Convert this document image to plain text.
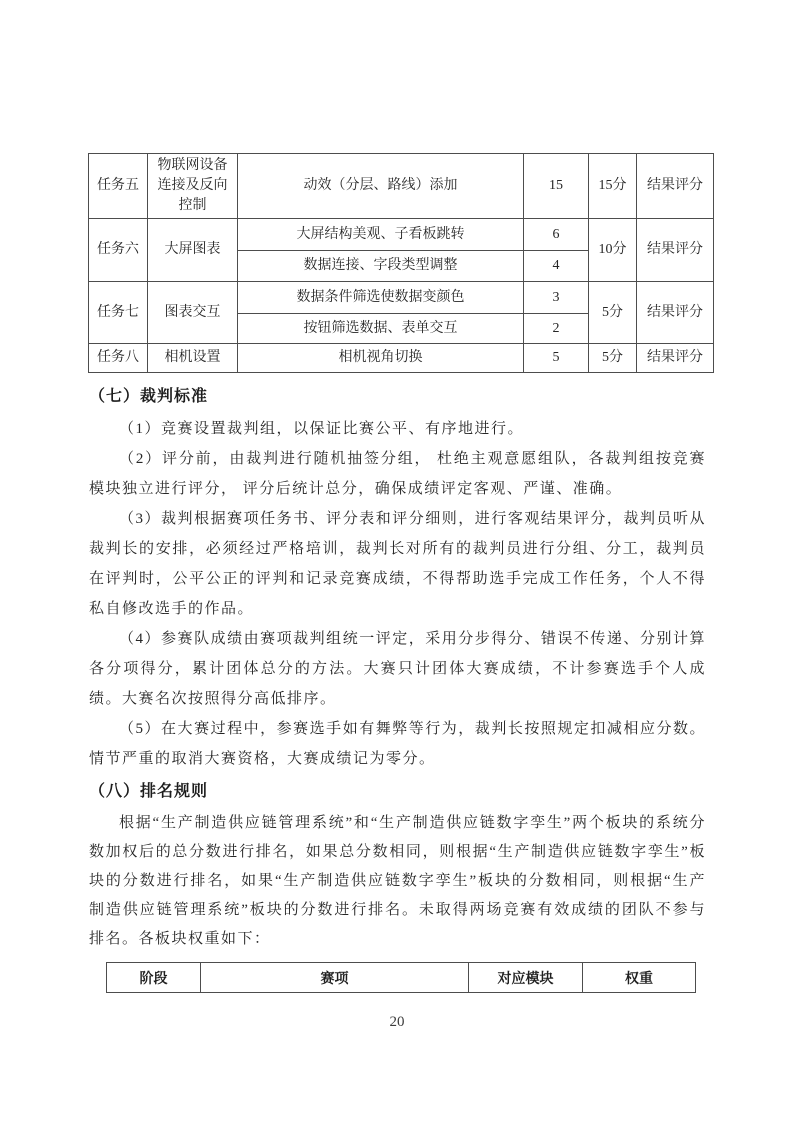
任务五	物联网设备连接及反向控制	动效（分层、路线）添加	15	15分	结果评分
任务六	大屏图表	大屏结构美观、子看板跳转	6	10分	结果评分
		数据连接、字段类型调整	4		
任务七	图表交互	数据条件筛选使数据变颜色	3	5分	结果评分
		按钮筛选数据、表单交互	2		
任务八	相机设置	相机视角切换	5	5分	结果评分
（七）裁判标准

（1）竞赛设置裁判组，以保证比赛公平、有序地进行。

（2）评分前，由裁判进行随机抽签分组， 杜绝主观意愿组队，各裁判组按竞赛模块独立进行评分， 评分后统计总分，确保成绩评定客观、严谨、准确。

（3）裁判根据赛项任务书、评分表和评分细则，进行客观结果评分，裁判员听从裁判长的安排，必须经过严格培训，裁判长对所有的裁判员进行分组、分工，裁判员在评判时，公平公正的评判和记录竞赛成绩，不得帮助选手完成工作任务，个人不得私自修改选手的作品。

（4）参赛队成绩由赛项裁判组统一评定，采用分步得分、错误不传递、分别计算各分项得分，累计团体总分的方法。大赛只计团体大赛成绩，不计参赛选手个人成绩。大赛名次按照得分高低排序。

（5）在大赛过程中，参赛选手如有舞弊等行为，裁判长按照规定扣减相应分数。情节严重的取消大赛资格，大赛成绩记为零分。

（八）排名规则

根据“生产制造供应链管理系统”和“生产制造供应链数字孪生”两个板块的系统分数加权后的总分数进行排名，如果总分数相同，则根据“生产制造供应链数字孪生”板块的分数进行排名，如果“生产制造供应链数字孪生”板块的分数相同，则根据“生产制造供应链管理系统”板块的分数进行排名。未取得两场竞赛有效成绩的团队不参与排名。各板块权重如下：

阶段	赛项	对应模块	权重
20
